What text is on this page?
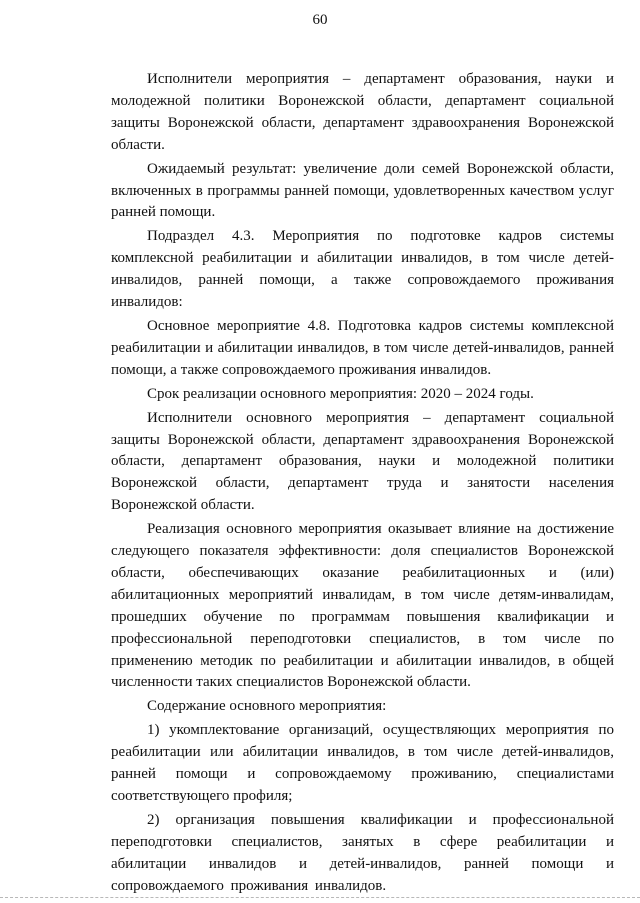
60

Исполнители мероприятия – департамент образования, науки и молодежной политики Воронежской области, департамент социальной защиты Воронежской области, департамент здравоохранения Воронежской области.

Ожидаемый результат: увеличение доли семей Воронежской области, включенных в программы ранней помощи, удовлетворенных качеством услуг ранней помощи.

Подраздел 4.3. Мероприятия по подготовке кадров системы комплексной реабилитации и абилитации инвалидов, в том числе детей-инвалидов, ранней помощи, а также сопровождаемого проживания инвалидов:

Основное мероприятие 4.8. Подготовка кадров системы комплексной реабилитации и абилитации инвалидов, в том числе детей-инвалидов, ранней помощи, а также сопровождаемого проживания инвалидов.

Срок реализации основного мероприятия: 2020 – 2024 годы.

Исполнители основного мероприятия – департамент социальной защиты Воронежской области, департамент здравоохранения Воронежской области, департамент образования, науки и молодежной политики Воронежской области, департамент труда и занятости населения Воронежской области.

Реализация основного мероприятия оказывает влияние на достижение следующего показателя эффективности: доля специалистов Воронежской области, обеспечивающих оказание реабилитационных и (или) абилитационных мероприятий инвалидам, в том числе детям-инвалидам, прошедших обучение по программам повышения квалификации и профессиональной переподготовки специалистов, в том числе по применению методик по реабилитации и абилитации инвалидов, в общей численности таких специалистов Воронежской области.

Содержание основного мероприятия:

1) укомплектование организаций, осуществляющих мероприятия по реабилитации или абилитации инвалидов, в том числе детей-инвалидов, ранней помощи и сопровождаемому проживанию, специалистами соответствующего профиля;

2) организация повышения квалификации и профессиональной переподготовки специалистов, занятых в сфере реабилитации и абилитации инвалидов и детей-инвалидов, ранней помощи и сопровождаемого проживания инвалидов.
